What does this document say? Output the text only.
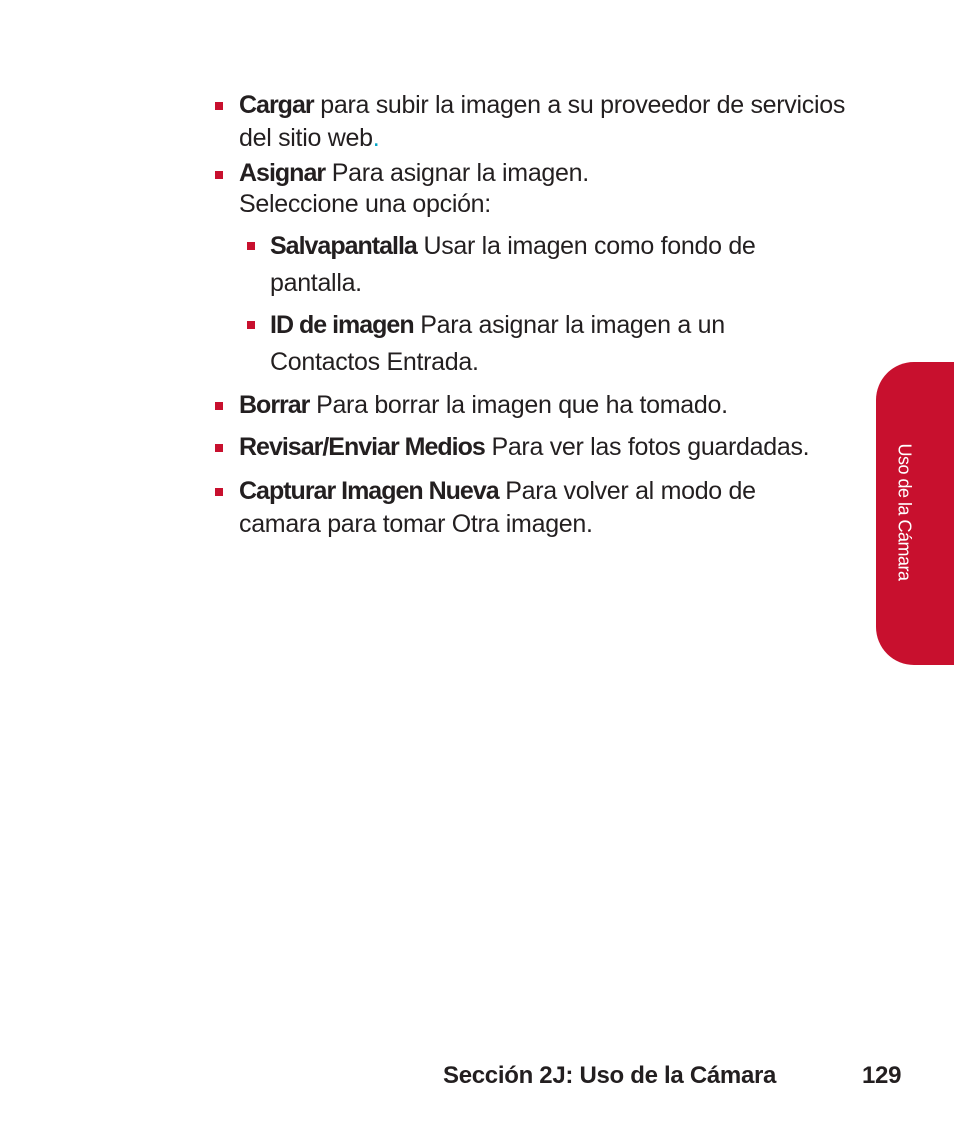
Cargar para subir la imagen a su proveedor de servicios del sitio web.
Asignar Para asignar la imagen.
Seleccione una opción:
Salvapantalla Usar la imagen como fondo de pantalla.
ID de imagen Para asignar la imagen a un Contactos Entrada.
Borrar Para borrar la imagen que ha tomado.
Revisar/Enviar Medios Para ver las fotos guardadas.
Capturar Imagen Nueva Para volver al modo de camara para tomar Otra imagen.	Uso de la Cámara
Sección 2J: Uso de la Cámara	129
